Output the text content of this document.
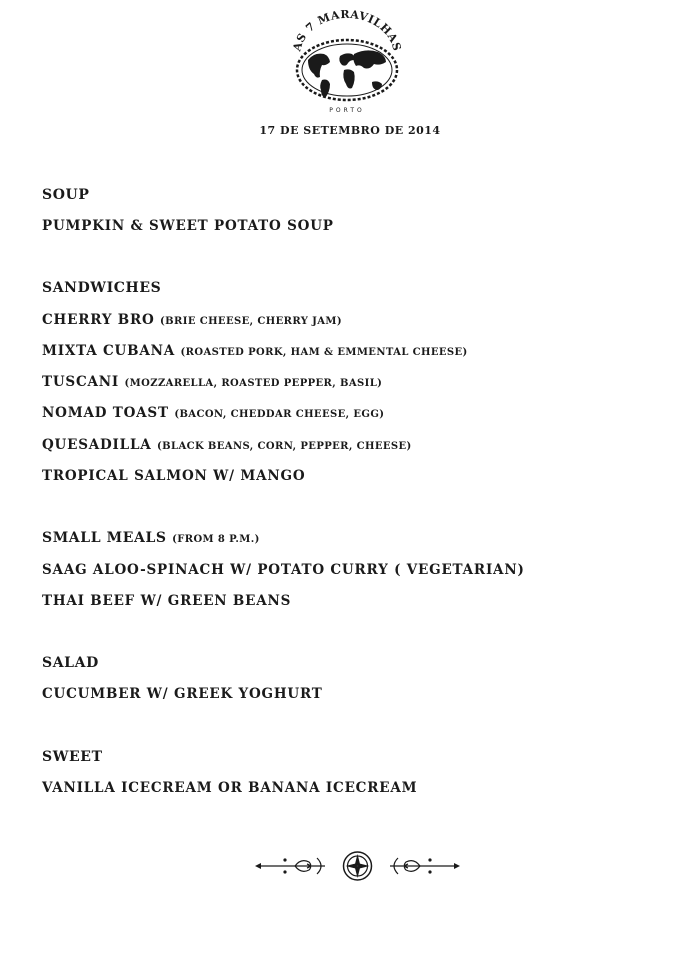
AS 7 MARAVILHAS
PORTO
17 DE SETEMBRO DE 2014
SOUP
PUMPKIN & SWEET POTATO SOUP
SANDWICHES
CHERRY BRO (BRIE CHEESE, CHERRY JAM)
MIXTA CUBANA (ROASTED PORK, HAM & EMMENTAL CHEESE)
TUSCANI (MOZZARELLA, ROASTED PEPPER, BASIL)
NOMAD TOAST (BACON, CHEDDAR CHEESE, EGG)
QUESADILLA (BLACK BEANS, CORN, PEPPER, CHEESE)
TROPICAL SALMON W/ MANGO
SMALL MEALS (FROM 8 P.M.)
SAAG ALOO-SPINACH W/ POTATO CURRY ( VEGETARIAN)
THAI BEEF W/ GREEN BEANS
SALAD
CUCUMBER W/ GREEK YOGHURT
SWEET
VANILLA ICECREAM OR BANANA ICECREAM
